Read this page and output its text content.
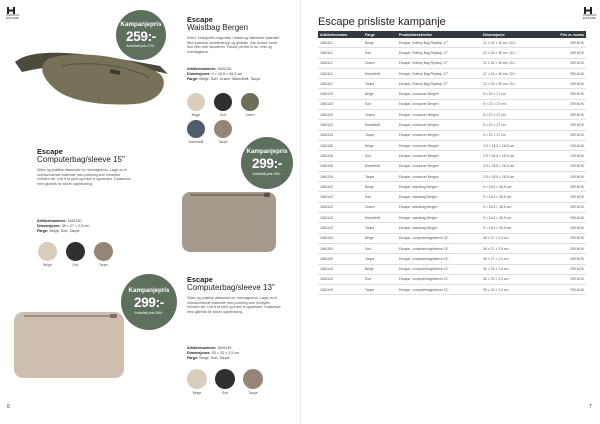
CAMPUS
ESCAPE
Kampanjepris
259:-
Anbefalt pris 379:-
Escape
Waistbag Bergen
Enkel, funksjonell magevesk i tidløst og slitesterkt materiale. Med justerbar skulderstropp og glidelås. Kan brukes rundt livet eller over skulderen. Passer perfekt til tur, reise og hverdagsbruk.
Artikkelnummer: 1681130
Dimensjoner: 9 × 16,5 × 36,5 cm
Farge: Beige, Sort, Grønn, Marineblå, Taupe
Beige	Sort	Grønn
Marineblå	Taupe
Escape
Computerbag/sleeve 15"
Sliten og praktisk dataveske for hverdagsbruk. Laget av et vannavvisende materiale med polstring som beskytter enheten din. Lett å ta med og enkel å oppbevare. Dataveske med glidelås for sikker oppbevaring.
Artikkelnummer: 1681150
Dimensjoner: 38 × 27 × 2,5 cm
Farge: Beige, Sort, Taupe
Beige	Sort	Taupe
Kampanjepris
299:-
Anbefalt pris 399:-
Kampanjepris
299:-
Anbefalt pris 399:-
Escape
Computerbag/sleeve 13"
Sliten og praktisk dataveske for hverdagsbruk. Laget av et vannavvisende materiale med polstring som beskytter enheten din. Lett å ta med og enkel å oppbevare. Dataveske med glidelås for sikker oppbevaring.
Artikkelnummer: 1681149
Dimensjoner: 35 × 23 × 2,5 cm
Farge: Beige, Sort, Taupe
Beige	Sort	Taupe
6
CAMPUS
ESCAPE
Escape prisliste kampanje
Artikkelnummer	Farge	Produktbeskrivelse	Dimensjoner	Pris m. moms
1681110	Beige	Escape, Rolltop Bag Ripstop 17"	12 × 43 × 30 cm, 20 L	399 NOK
1681110	Sort	Escape, Rolltop Bag Ripstop 17"	12 × 43 × 30 cm, 20 L	399 NOK
1681110	Grønn	Escape, Rolltop Bag Ripstop 17"	12 × 43 × 30 cm, 20 L	399 NOK
1681110	Marineblå	Escape, Rolltop Bag Ripstop 17"	12 × 43 × 30 cm, 20 L	399 NOK
1681110	Taupe	Escape, Rolltop Bag Ripstop 17"	12 × 43 × 30 cm, 20 L	399 NOK
1681133	Beige	Escape, crossover Bergen	5 × 22 × 17 cm	259 NOK
1681133	Sort	Escape, crossover Bergen	5 × 22 × 17 cm	259 NOK
1681133	Grønn	Escape, crossover Bergen	5 × 22 × 17 cm	259 NOK
1681133	Marineblå	Escape, crossover Bergen	5 × 22 × 17 cm	259 NOK
1681133	Taupe	Escape, crossover Bergen	5 × 22 × 17 cm	259 NOK
1681136	Beige	Escape, crossover Bergen	2,5 × 18,5 × 18,5 cm	199 NOK
1681136	Sort	Escape, crossover Bergen	2,5 × 18,5 × 18,5 cm	199 NOK
1681136	Marineblå	Escape, crossover Bergen	2,5 × 18,5 × 18,5 cm	199 NOK
1681136	Taupe	Escape, crossover Bergen	2,5 × 18,5 × 18,5 cm	199 NOK
1681142	Beige	Escape, waistbag Bergen	9 × 16,5 × 36,5 cm	259 NOK
1681142	Sort	Escape, waistbag Bergen	9 × 16,5 × 36,5 cm	259 NOK
1681142	Grønn	Escape, waistbag Bergen	9 × 16,5 × 36,5 cm	259 NOK
1681142	Marineblå	Escape, waistbag Bergen	9 × 16,5 × 36,5 cm	259 NOK
1681142	Taupe	Escape, waistbag Bergen	9 × 16,5 × 36,5 cm	259 NOK
1681150	Beige	Escape, computerbag/sleeve 15"	38 × 27 × 2,5 cm	299 NOK
1681150	Sort	Escape, computerbag/sleeve 15"	38 × 27 × 2,5 cm	299 NOK
1681150	Taupe	Escape, computerbag/sleeve 15"	38 × 27 × 2,5 cm	299 NOK
1681149	Beige	Escape, computerbag/sleeve 13"	35 × 23 × 2,5 cm	299 NOK
1681149	Sort	Escape, computerbag/sleeve 13"	35 × 23 × 2,5 cm	299 NOK
1681149	Taupe	Escape, computerbag/sleeve 13"	35 × 23 × 2,5 cm	299 NOK
7
